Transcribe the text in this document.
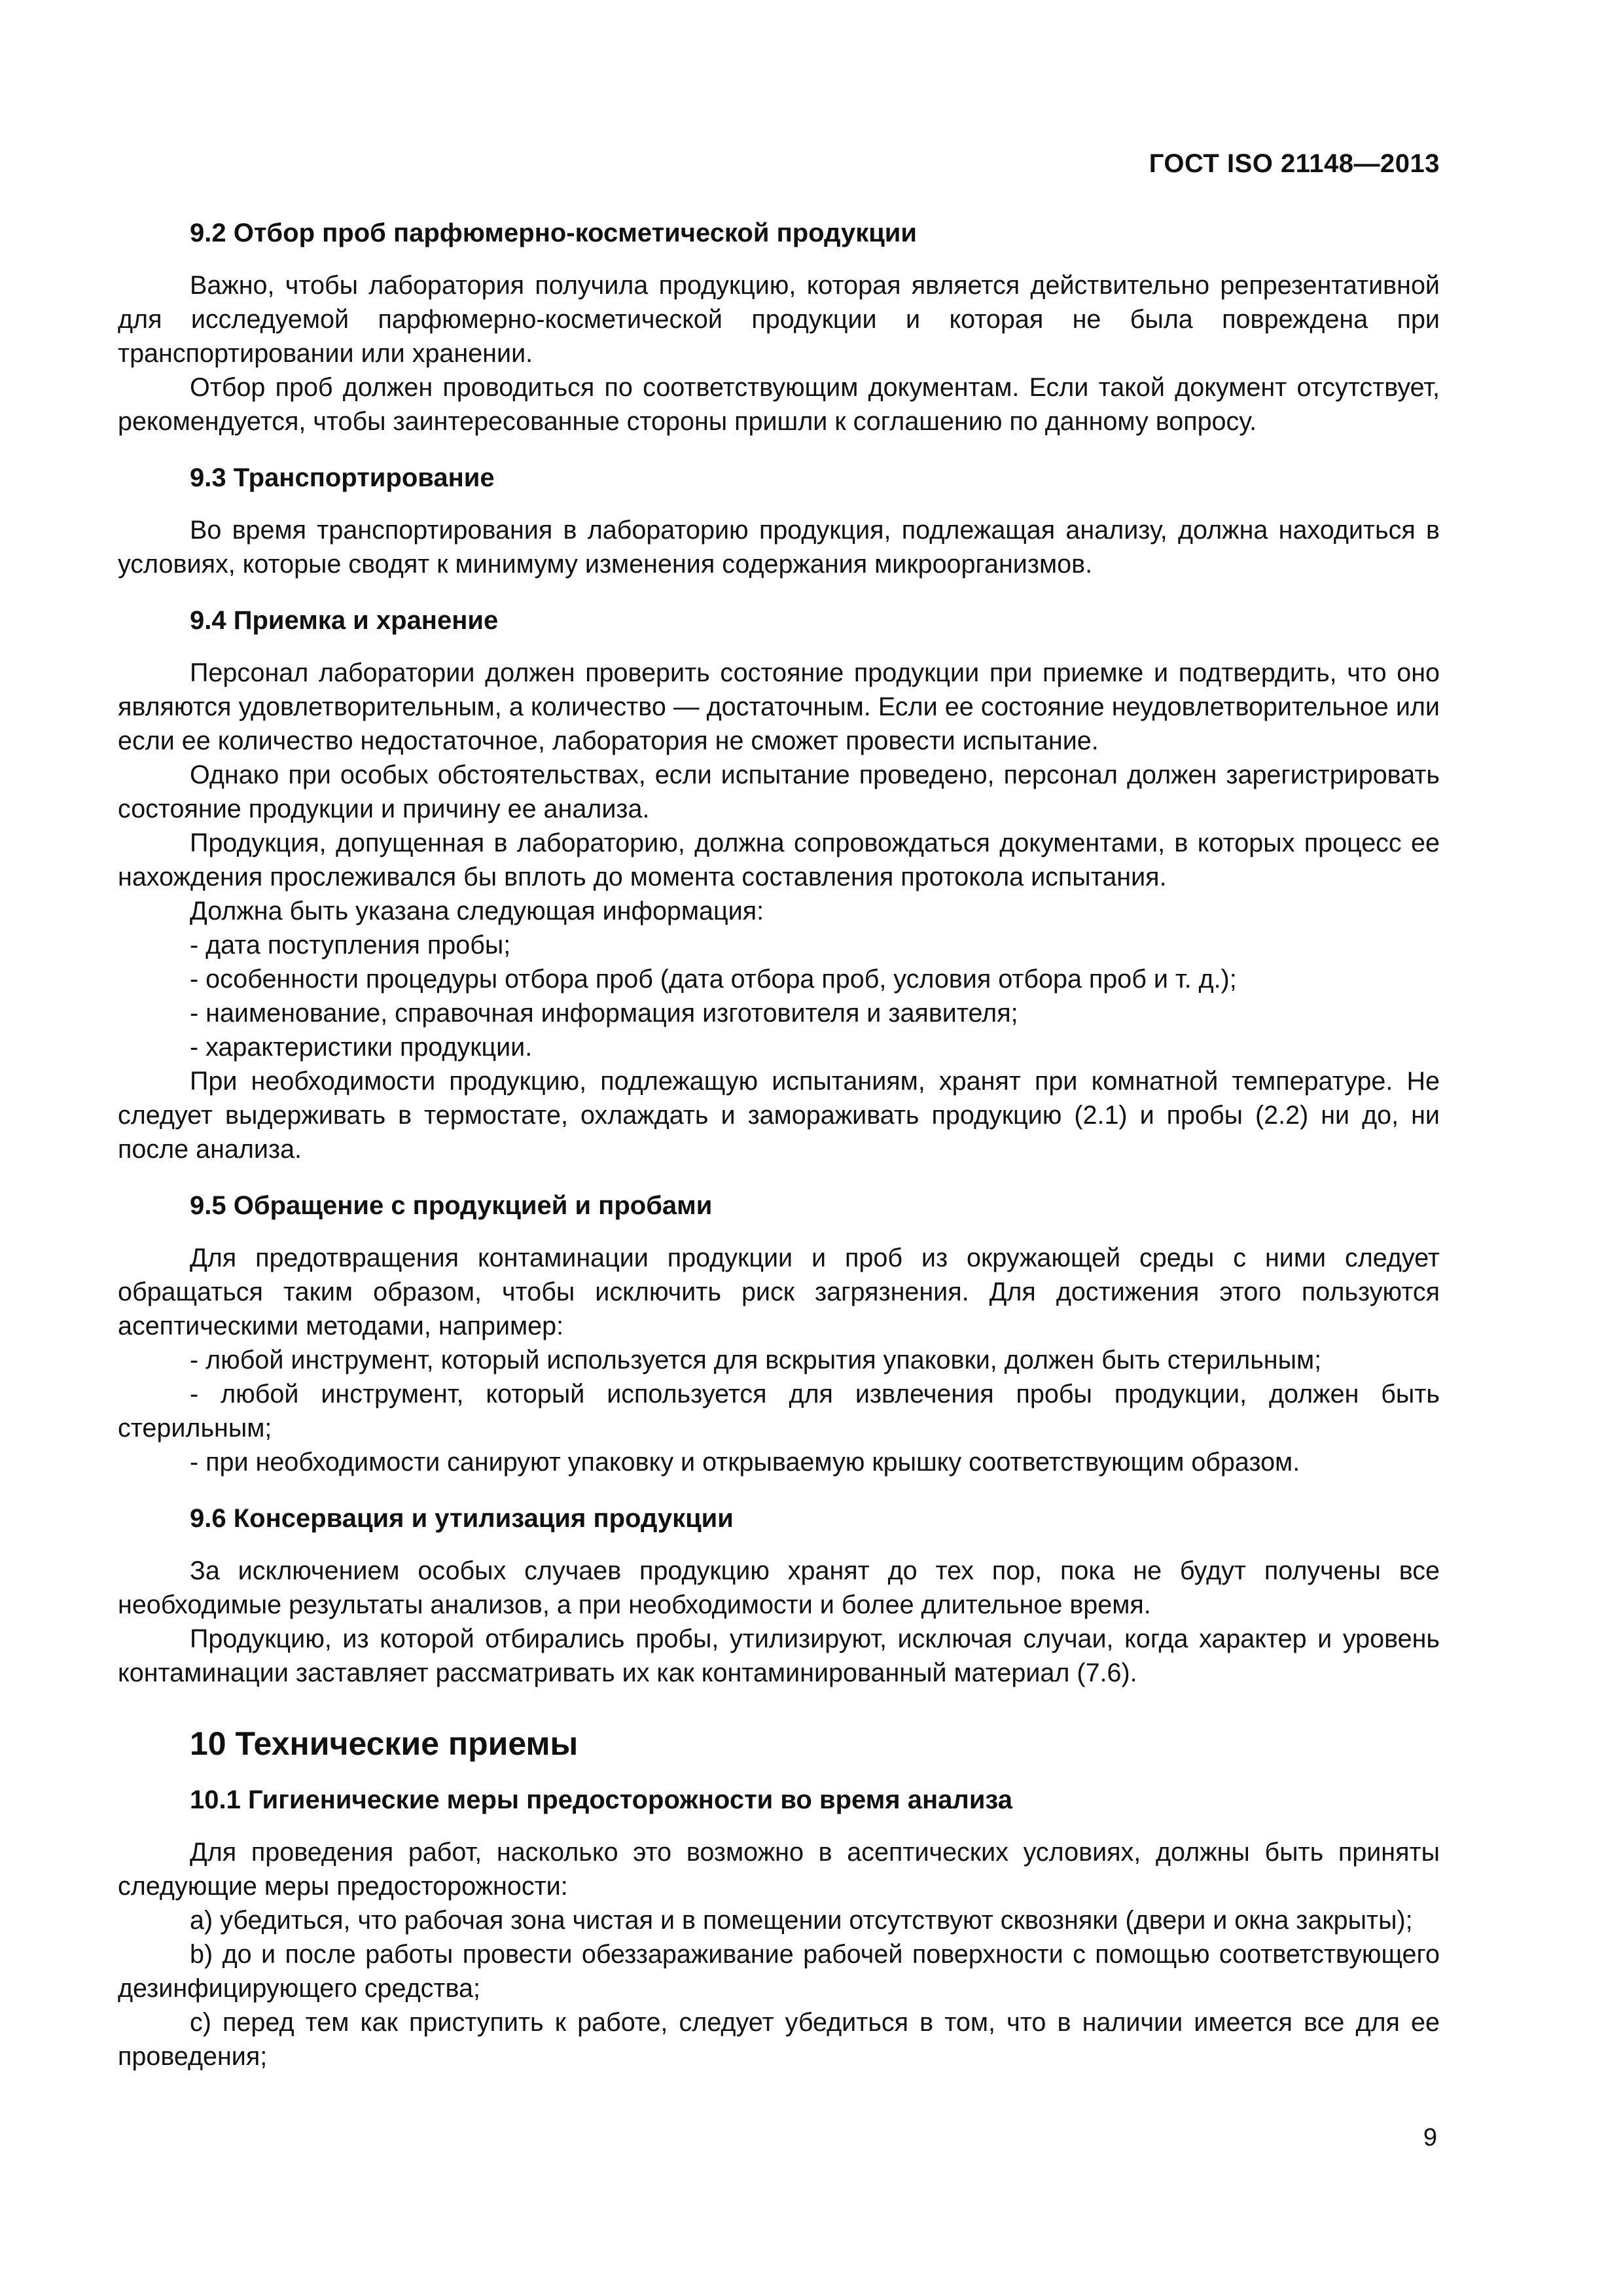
ГОСТ ISO 21148—2013
9.2 Отбор проб парфюмерно-косметической продукции

Важно, чтобы лаборатория получила продукцию, которая является действительно репрезентативной для исследуемой парфюмерно-косметической продукции и которая не была повреждена при транспортировании или хранении.

Отбор проб должен проводиться по соответствующим документам. Если такой документ отсутствует, рекомендуется, чтобы заинтересованные стороны пришли к соглашению по данному вопросу.

9.3 Транспортирование

Во время транспортирования в лабораторию продукция, подлежащая анализу, должна находиться в условиях, которые сводят к минимуму изменения содержания микроорганизмов.

9.4 Приемка и хранение

Персонал лаборатории должен проверить состояние продукции при приемке и подтвердить, что оно являются удовлетворительным, а количество — достаточным. Если ее состояние неудовлетворительное или если ее количество недостаточное, лаборатория не сможет провести испытание.

Однако при особых обстоятельствах, если испытание проведено, персонал должен зарегистрировать состояние продукции и причину ее анализа.

Продукция, допущенная в лабораторию, должна сопровождаться документами, в которых процесс ее нахождения прослеживался бы вплоть до момента составления протокола испытания.

Должна быть указана следующая информация:

- дата поступления пробы;

- особенности процедуры отбора проб (дата отбора проб, условия отбора проб и т. д.);

- наименование, справочная информация изготовителя и заявителя;

- характеристики продукции.

При необходимости продукцию, подлежащую испытаниям, хранят при комнатной температуре. Не следует выдерживать в термостате, охлаждать и замораживать продукцию (2.1) и пробы (2.2) ни до, ни после анализа.

9.5 Обращение с продукцией и пробами

Для предотвращения контаминации продукции и проб из окружающей среды с ними следует обращаться таким образом, чтобы исключить риск загрязнения. Для достижения этого пользуются асептическими методами, например:

- любой инструмент, который используется для вскрытия упаковки, должен быть стерильным;

- любой инструмент, который используется для извлечения пробы продукции, должен быть стерильным;

- при необходимости санируют упаковку и открываемую крышку соответствующим образом.

9.6 Консервация и утилизация продукции

За исключением особых случаев продукцию хранят до тех пор, пока не будут получены все необходимые результаты анализов, а при необходимости и более длительное время.

Продукцию, из которой отбирались пробы, утилизируют, исключая случаи, когда характер и уровень контаминации заставляет рассматривать их как контаминированный материал (7.6).

10 Технические приемы
10.1 Гигиенические меры предосторожности во время анализа

Для проведения работ, насколько это возможно в асептических условиях, должны быть приняты следующие меры предосторожности:

a) убедиться, что рабочая зона чистая и в помещении отсутствуют сквозняки (двери и окна закрыты);

b) до и после работы провести обеззараживание рабочей поверхности с помощью соответствующего дезинфицирующего средства;

c) перед тем как приступить к работе, следует убедиться в том, что в наличии имеется все для ее проведения;

9
